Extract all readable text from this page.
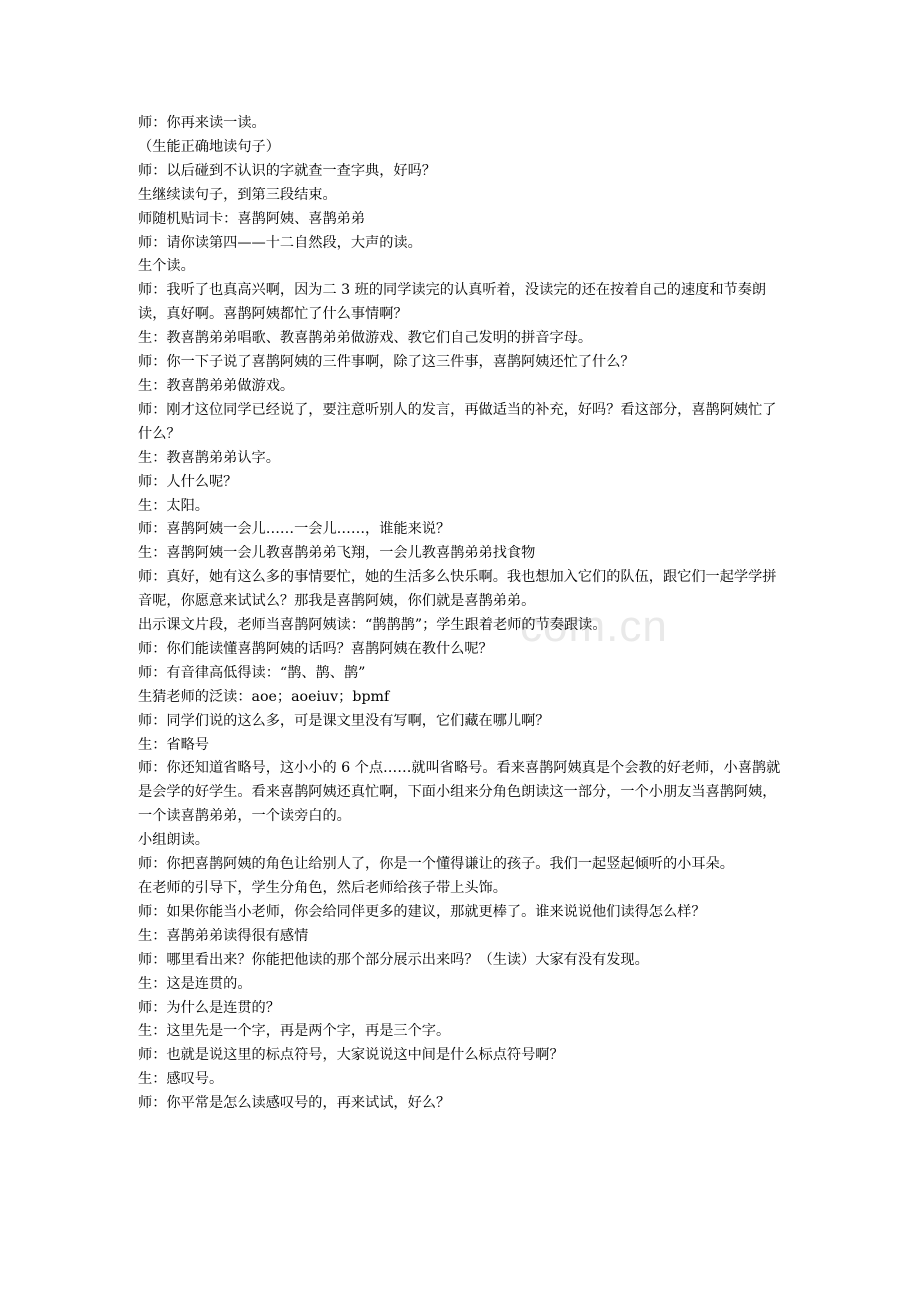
com.cn

师：你再来读一读。

（生能正确地读句子）

师：以后碰到不认识的字就查一查字典，好吗？

生继续读句子，到第三段结束。

师随机贴词卡：喜鹊阿姨、喜鹊弟弟

师：请你读第四——十二自然段，大声的读。

生个读。

师：我听了也真高兴啊，因为二 3 班的同学读完的认真听着，没读完的还在按着自己的速度和节奏朗读，真好啊。喜鹊阿姨都忙了什么事情啊？

生：教喜鹊弟弟唱歌、教喜鹊弟弟做游戏、教它们自己发明的拼音字母。

师：你一下子说了喜鹊阿姨的三件事啊，除了这三件事，喜鹊阿姨还忙了什么？

生：教喜鹊弟弟做游戏。

师：刚才这位同学已经说了，要注意听别人的发言，再做适当的补充，好吗？看这部分，喜鹊阿姨忙了什么？

生：教喜鹊弟弟认字。

师：人什么呢？

生：太阳。

师：喜鹊阿姨一会儿……一会儿……，谁能来说？

生：喜鹊阿姨一会儿教喜鹊弟弟飞翔，一会儿教喜鹊弟弟找食物

师：真好，她有这么多的事情要忙，她的生活多么快乐啊。我也想加入它们的队伍，跟它们一起学学拼音呢，你愿意来试试么？那我是喜鹊阿姨，你们就是喜鹊弟弟。

出示课文片段，老师当喜鹊阿姨读：“鹊鹊鹊”；学生跟着老师的节奏跟读。

师：你们能读懂喜鹊阿姨的话吗？喜鹊阿姨在教什么呢？

师：有音律高低得读：“鹊、鹊、鹊”

生猜老师的泛读：aoe；aoeiuv；bpmf

师：同学们说的这么多，可是课文里没有写啊，它们藏在哪儿啊？

生：省略号

师：你还知道省略号，这小小的 6 个点……就叫省略号。看来喜鹊阿姨真是个会教的好老师，小喜鹊就是会学的好学生。看来喜鹊阿姨还真忙啊，下面小组来分角色朗读这一部分，一个小朋友当喜鹊阿姨，一个读喜鹊弟弟，一个读旁白的。

小组朗读。

师：你把喜鹊阿姨的角色让给别人了，你是一个懂得谦让的孩子。我们一起竖起倾听的小耳朵。

在老师的引导下，学生分角色，然后老师给孩子带上头饰。

师：如果你能当小老师，你会给同伴更多的建议，那就更棒了。谁来说说他们读得怎么样？

生：喜鹊弟弟读得很有感情

师：哪里看出来？你能把他读的那个部分展示出来吗？（生读）大家有没有发现。

生：这是连贯的。

师：为什么是连贯的？

生：这里先是一个字，再是两个字，再是三个字。

师：也就是说这里的标点符号，大家说说这中间是什么标点符号啊？

生：感叹号。

师：你平常是怎么读感叹号的，再来试试，好么？
